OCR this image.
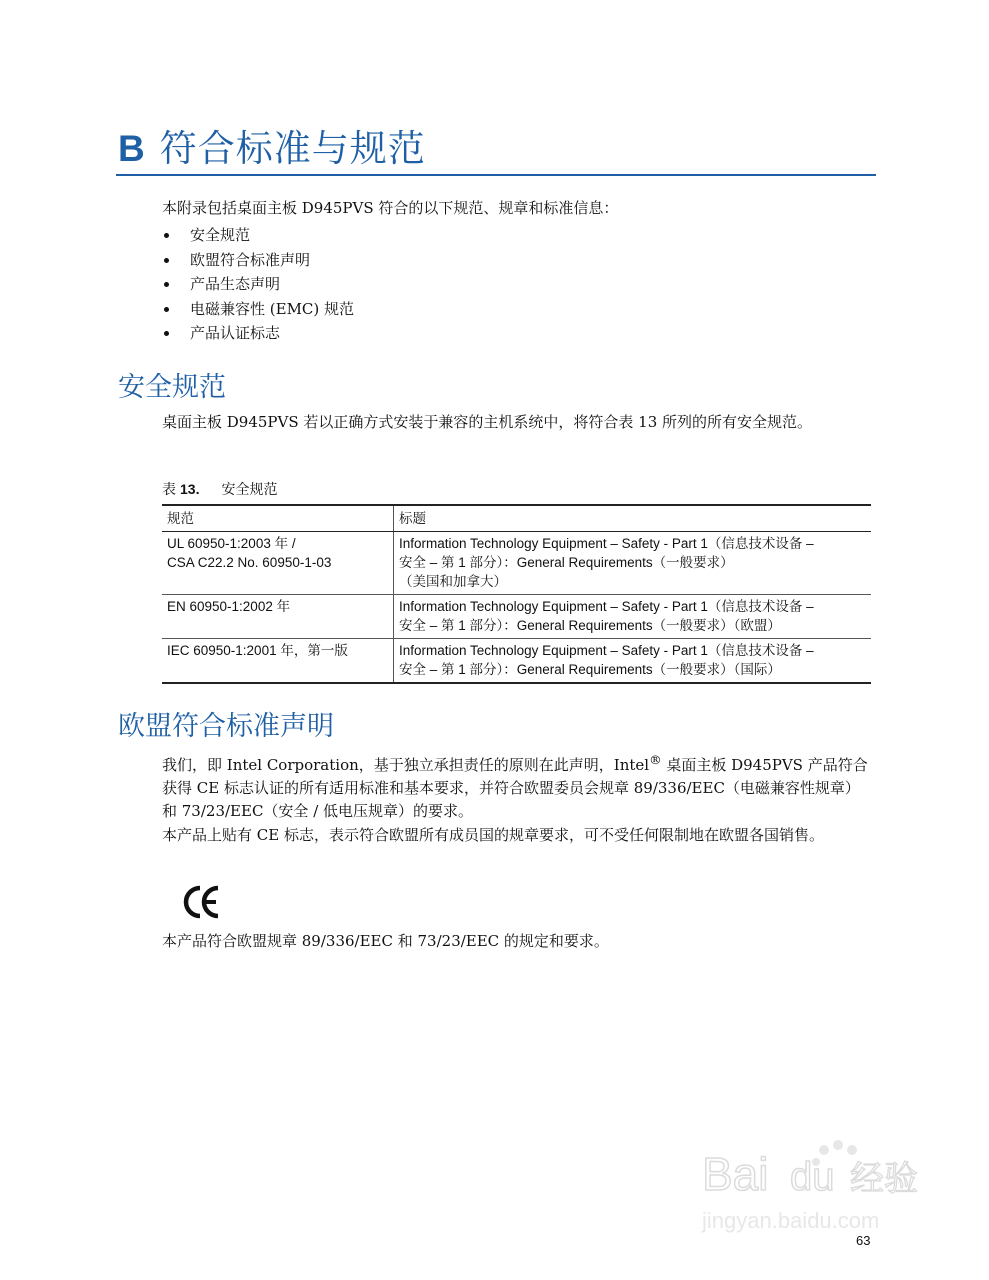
B 符合标准与规范
本附录包括桌面主板 D945PVS 符合的以下规范、规章和标准信息：
安全规范
欧盟符合标准声明
产品生态声明
电磁兼容性 (EMC) 规范
产品认证标志
安全规范
桌面主板 D945PVS 若以正确方式安装于兼容的主机系统中，将符合表 13 所列的所有安全规范。
表 13. 安全规范
规范	标题

UL 60950-1:2003 年 /
CSA C22.2 No. 60950-1-03	Information Technology Equipment – Safety - Part 1（信息技术设备 –
安全 – 第 1 部分）：General Requirements（一般要求）
（美国和加拿大）

EN 60950-1:2002 年	Information Technology Equipment – Safety - Part 1（信息技术设备 –
安全 – 第 1 部分）：General Requirements（一般要求）（欧盟）

IEC 60950-1:2001 年，第一版	Information Technology Equipment – Safety - Part 1（信息技术设备 –
安全 – 第 1 部分）：General Requirements（一般要求）（国际）
欧盟符合标准声明
我们，即 Intel Corporation，基于独立承担责任的原则在此声明，Intel® 桌面主板 D945PVS 产品符合获得 CE 标志认证的所有适用标准和基本要求，并符合欧盟委员会规章 89/336/EEC（电磁兼容性规章）和 73/23/EEC（安全 / 低电压规章）的要求。
本产品上贴有 CE 标志，表示符合欧盟所有成员国的规章要求，可不受任何限制地在欧盟各国销售。
本产品符合欧盟规章 89/336/EEC 和 73/23/EEC 的规定和要求。
Bai du 经验
jingyan.baidu.com
63
